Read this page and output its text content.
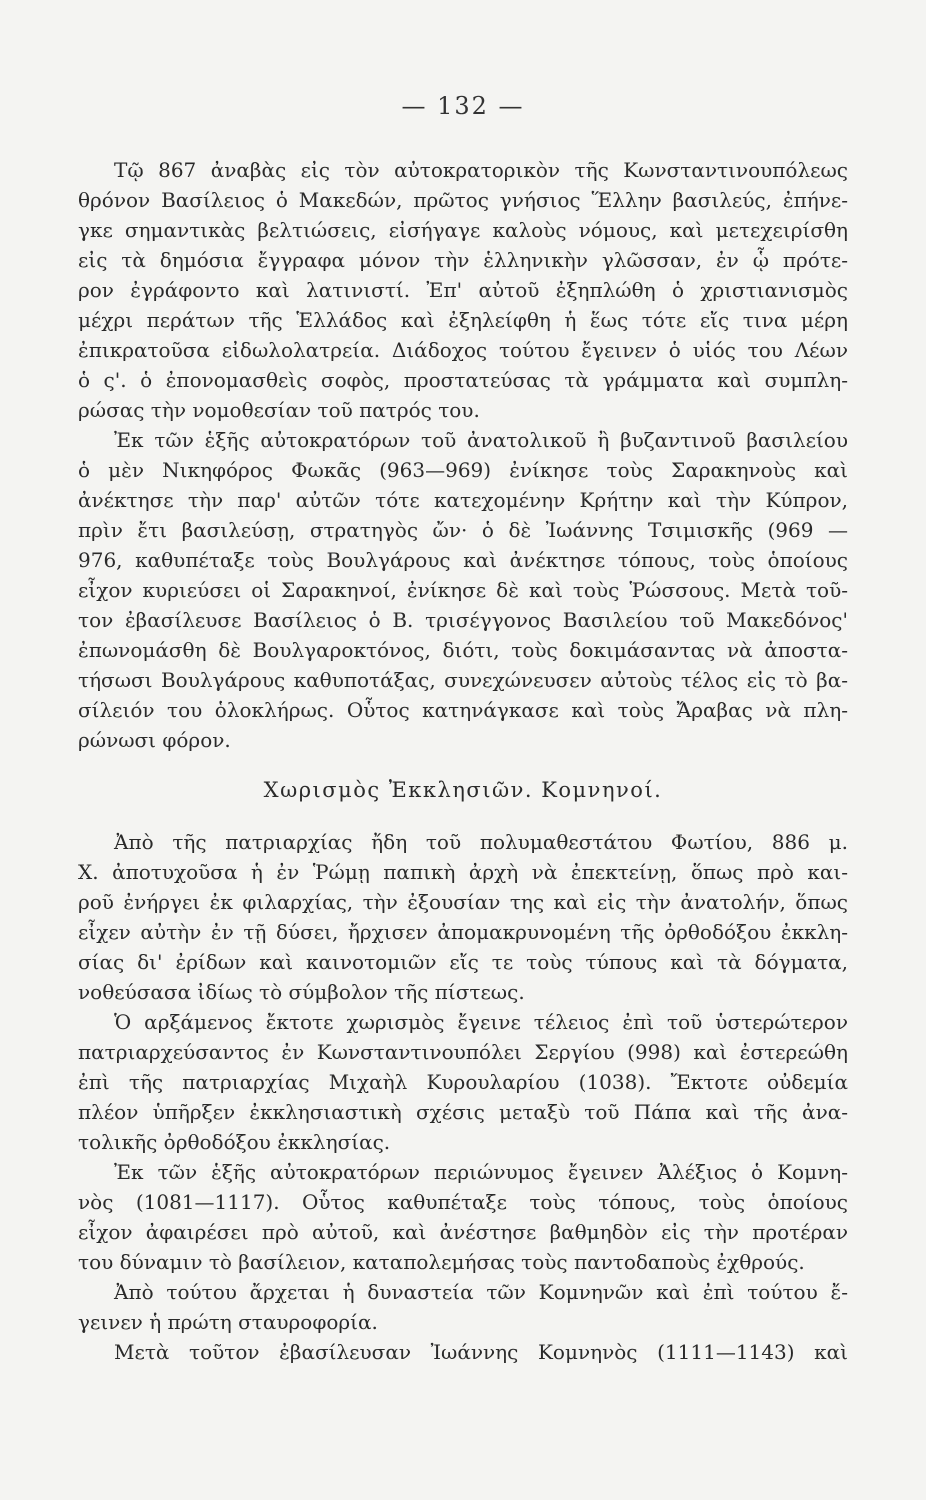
— 132 —
Τῷ 867 ἀναβὰς εἰς τὸν αὐτοκρατορικὸν τῆς Κωνσταντινουπόλεως
θρόνον Βασίλειος ὁ Μακεδών, πρῶτος γνήσιος Ἕλλην βασιλεύς, ἐπήνε-
γκε σημαντικὰς βελτιώσεις, εἰσήγαγε καλοὺς νόμους, καὶ μετεχειρίσθη
εἰς τὰ δημόσια ἔγγραφα μόνον τὴν ἑλληνικὴν γλῶσσαν, ἐν ᾧ πρότε-
ρον ἐγράφοντο καὶ λατινιστί. Ἐπ' αὐτοῦ ἐξηπλώθη ὁ χριστιανισμὸς
μέχρι περάτων τῆς Ἑλλάδος καὶ ἐξηλείφθη ἡ ἕως τότε εἴς τινα μέρη
ἐπικρατοῦσα εἰδωλολατρεία. Διάδοχος τούτου ἔγεινεν ὁ υἱός του Λέων
ὁ ς'. ὁ ἐπονομασθεὶς σοφὸς, προστατεύσας τὰ γράμματα καὶ συμπλη-
ρώσας τὴν νομοθεσίαν τοῦ πατρός του.
Ἐκ τῶν ἑξῆς αὐτοκρατόρων τοῦ ἀνατολικοῦ ἢ βυζαντινοῦ βασιλείου
ὁ μὲν Νικηφόρος Φωκᾶς (963—969) ἐνίκησε τοὺς Σαρακηνοὺς καὶ
ἀνέκτησε τὴν παρ' αὐτῶν τότε κατεχομένην Κρήτην καὶ τὴν Κύπρον,
πρὶν ἔτι βασιλεύσῃ, στρατηγὸς ὤν· ὁ δὲ Ἰωάννης Τσιμισκῆς (969 —
976, καθυπέταξε τοὺς Βουλγάρους καὶ ἀνέκτησε τόπους, τοὺς ὁποίους
εἶχον κυριεύσει οἱ Σαρακηνοί, ἐνίκησε δὲ καὶ τοὺς Ῥώσσους. Μετὰ τοῦ-
τον ἐβασίλευσε Βασίλειος ὁ Β. τρισέγγονος Βασιλείου τοῦ Μακεδόνος'
ἐπωνομάσθη δὲ Βουλγαροκτόνος, διότι, τοὺς δοκιμάσαντας νὰ ἀποστα-
τήσωσι Βουλγάρους καθυποτάξας, συνεχώνευσεν αὐτοὺς τέλος εἰς τὸ βα-
σίλειόν του ὁλοκλήρως. Οὗτος κατηνάγκασε καὶ τοὺς Ἄραβας νὰ πλη-
ρώνωσι φόρον.
Χωρισμὸς Ἐκκλησιῶν. Κομνηνοί.
Ἀπὸ τῆς πατριαρχίας ἤδη τοῦ πολυμαθεστάτου Φωτίου, 886 μ.
Χ. ἀποτυχοῦσα ἡ ἐν Ῥώμῃ παπικὴ ἀρχὴ νὰ ἐπεκτείνῃ, ὅπως πρὸ και-
ροῦ ἐνήργει ἐκ φιλαρχίας, τὴν ἐξουσίαν της καὶ εἰς τὴν ἀνατολήν, ὅπως
εἶχεν αὐτὴν ἐν τῇ δύσει, ἤρχισεν ἀπομακρυνομένη τῆς ὀρθοδόξου ἐκκλη-
σίας δι' ἐρίδων καὶ καινοτομιῶν εἴς τε τοὺς τύπους καὶ τὰ δόγματα,
νοθεύσασα ἰδίως τὸ σύμβολον τῆς πίστεως.
Ὁ αρξάμενος ἔκτοτε χωρισμὸς ἔγεινε τέλειος ἐπὶ τοῦ ὑστερώτερον
πατριαρχεύσαντος ἐν Κωνσταντινουπόλει Σεργίου (998) καὶ ἐστερεώθη
ἐπὶ τῆς πατριαρχίας Μιχαὴλ Κυρουλαρίου (1038). Ἔκτοτε οὐδεμία
πλέον ὑπῆρξεν ἐκκλησιαστικὴ σχέσις μεταξὺ τοῦ Πάπα καὶ τῆς ἀνα-
τολικῆς ὀρθοδόξου ἐκκλησίας.
Ἐκ τῶν ἑξῆς αὐτοκρατόρων περιώνυμος ἔγεινεν Ἀλέξιος ὁ Κομνη-
νὸς (1081—1117). Οὗτος καθυπέταξε τοὺς τόπους, τοὺς ὁποίους
εἶχον ἀφαιρέσει πρὸ αὐτοῦ, καὶ ἀνέστησε βαθμηδὸν εἰς τὴν προτέραν
του δύναμιν τὸ βασίλειον, καταπολεμήσας τοὺς παντοδαποὺς ἐχθρούς.
Ἀπὸ τούτου ἄρχεται ἡ δυναστεία τῶν Κομνηνῶν καὶ ἐπὶ τούτου ἔ-
γεινεν ἡ πρώτη σταυροφορία.
Μετὰ τοῦτον ἐβασίλευσαν Ἰωάννης Κομνηνὸς (1111—1143) καὶ
